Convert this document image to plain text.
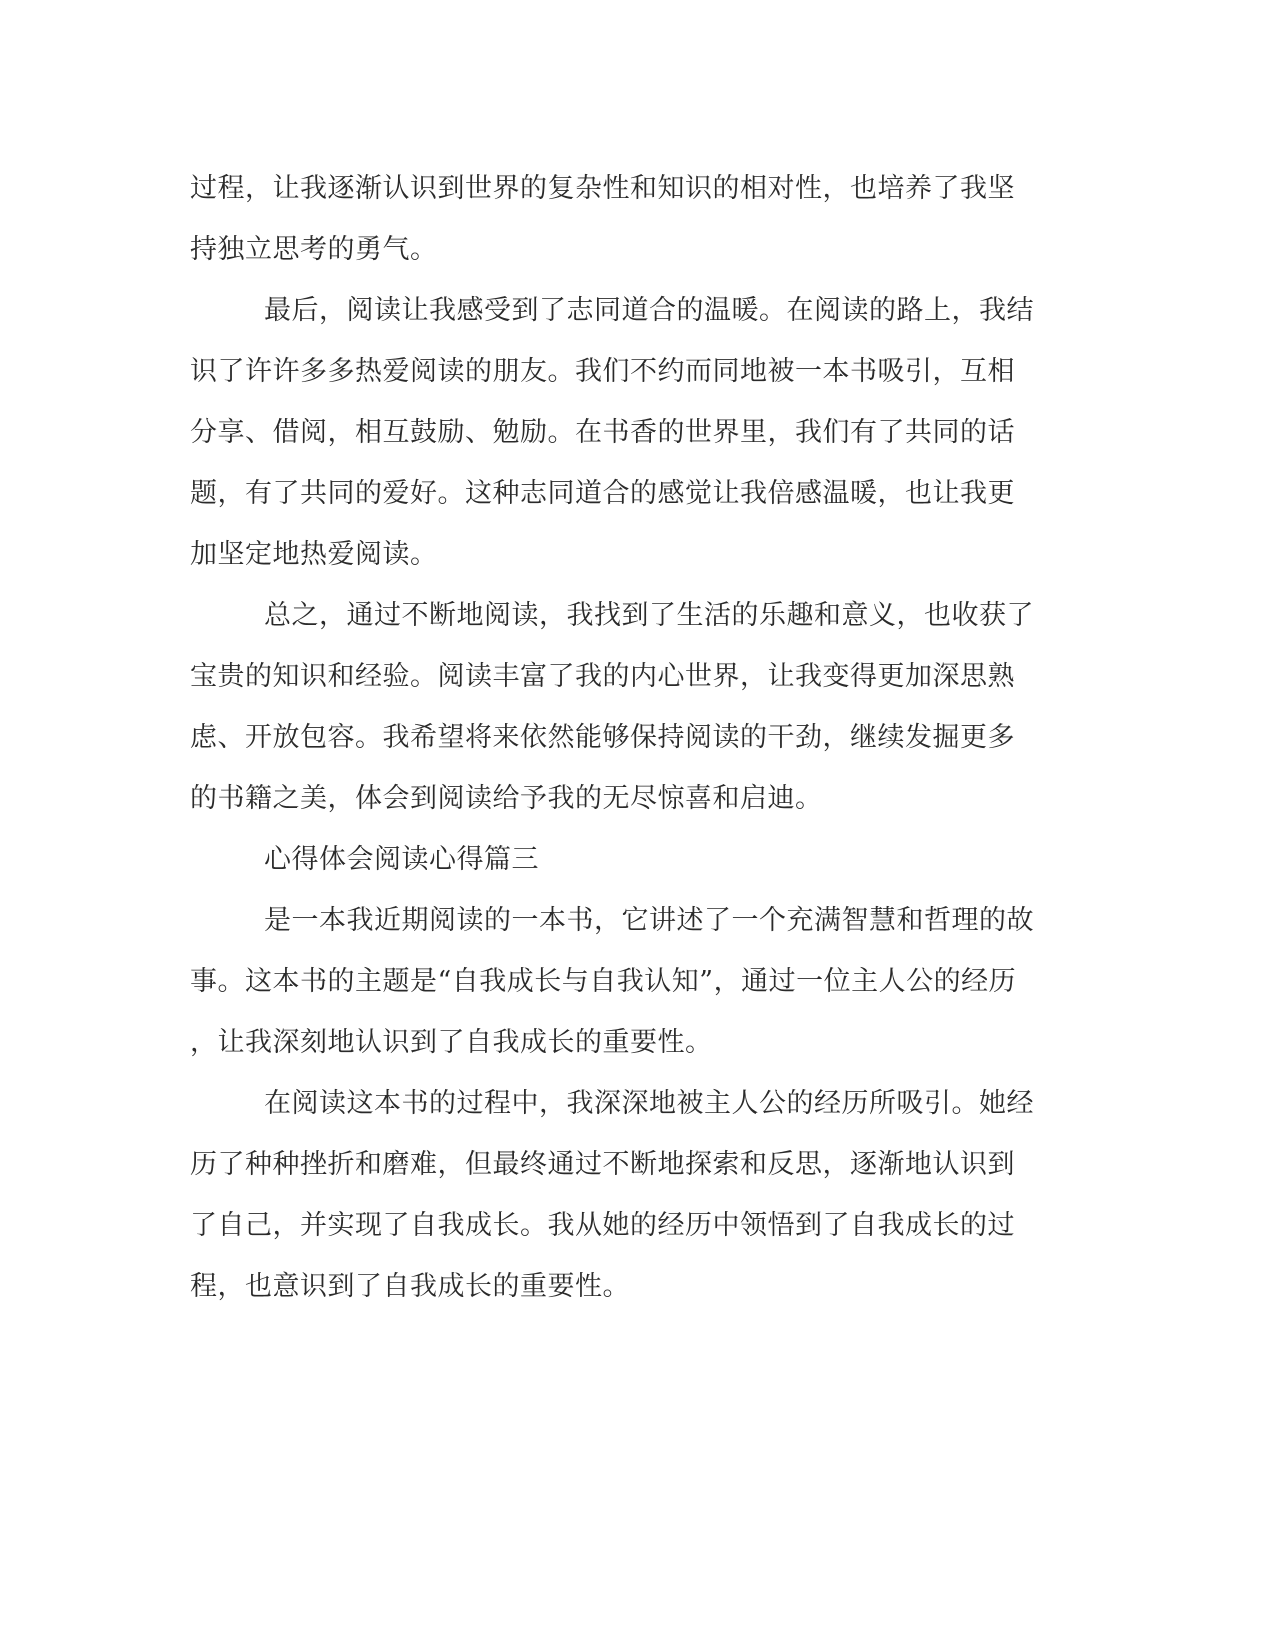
过程，让我逐渐认识到世界的复杂性和知识的相对性，也培养了我坚
持独立思考的勇气。

最后，阅读让我感受到了志同道合的温暖。在阅读的路上，我结
识了许许多多热爱阅读的朋友。我们不约而同地被一本书吸引，互相
分享、借阅，相互鼓励、勉励。在书香的世界里，我们有了共同的话
题，有了共同的爱好。这种志同道合的感觉让我倍感温暖，也让我更
加坚定地热爱阅读。

总之，通过不断地阅读，我找到了生活的乐趣和意义，也收获了
宝贵的知识和经验。阅读丰富了我的内心世界，让我变得更加深思熟
虑、开放包容。我希望将来依然能够保持阅读的干劲，继续发掘更多
的书籍之美，体会到阅读给予我的无尽惊喜和启迪。

心得体会阅读心得篇三

是一本我近期阅读的一本书，它讲述了一个充满智慧和哲理的故
事。这本书的主题是“自我成长与自我认知”，通过一位主人公的经历
，让我深刻地认识到了自我成长的重要性。

在阅读这本书的过程中，我深深地被主人公的经历所吸引。她经
历了种种挫折和磨难，但最终通过不断地探索和反思，逐渐地认识到
了自己，并实现了自我成长。我从她的经历中领悟到了自我成长的过
程，也意识到了自我成长的重要性。
